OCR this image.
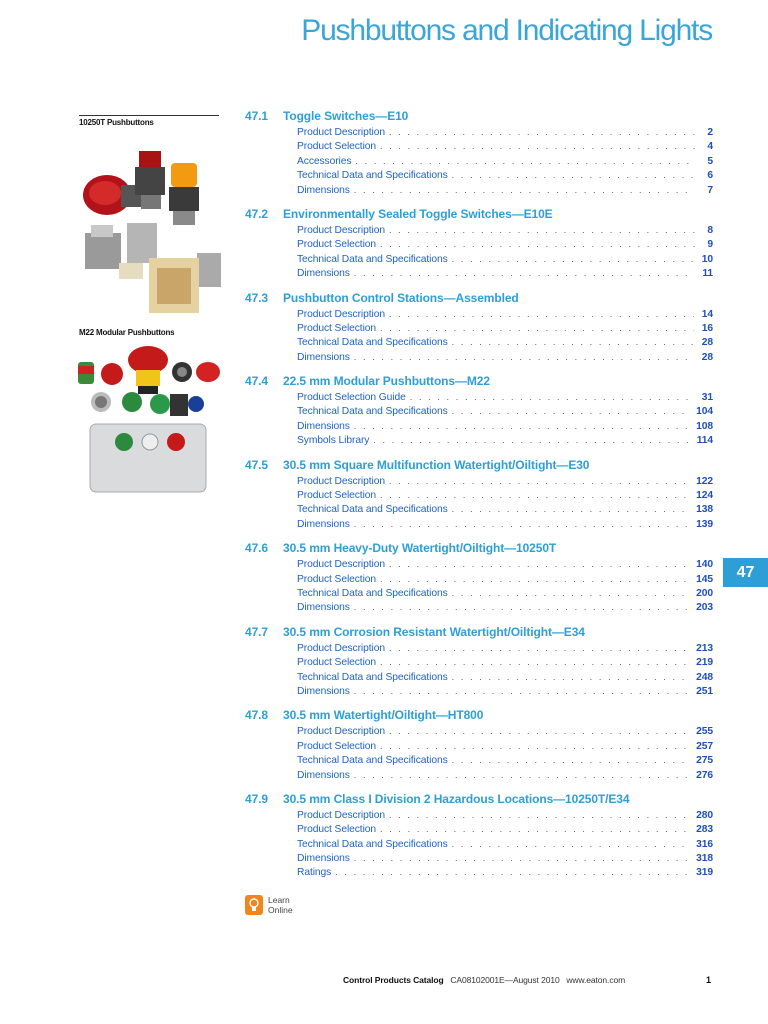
Pushbuttons and Indicating Lights
10250T Pushbuttons
M22 Modular Pushbuttons
47.1	Toggle Switches—E10
Product Description . . .	2
Product Selection . . .	4
Accessories . . .	5
Technical Data and Specifications . . .	6
Dimensions . . .	7
47.2	Environmentally Sealed Toggle Switches—E10E
Product Description . . .	8
Product Selection . . .	9
Technical Data and Specifications . . .	10
Dimensions . . .	11
47.3	Pushbutton Control Stations—Assembled
Product Description . . .	14
Product Selection . . .	16
Technical Data and Specifications . . .	28
Dimensions . . .	28
47.4	22.5 mm Modular Pushbuttons—M22
Product Selection Guide . . .	31
Technical Data and Specifications . . .	104
Dimensions . . .	108
Symbols Library . . .	114
47.5	30.5 mm Square Multifunction Watertight/Oiltight—E30
Product Description . . .	122
Product Selection . . .	124
Technical Data and Specifications . . .	138
Dimensions . . .	139
47.6	30.5 mm Heavy-Duty Watertight/Oiltight—10250T
Product Description . . .	140
Product Selection . . .	145
Technical Data and Specifications . . .	200
Dimensions . . .	203
47.7	30.5 mm Corrosion Resistant Watertight/Oiltight—E34
Product Description . . .	213
Product Selection . . .	219
Technical Data and Specifications . . .	248
Dimensions . . .	251
47.8	30.5 mm Watertight/Oiltight—HT800
Product Description . . .	255
Product Selection . . .	257
Technical Data and Specifications . . .	275
Dimensions . . .	276
47.9	30.5 mm Class I Division 2 Hazardous Locations—10250T/E34
Product Description . . .	280
Product Selection . . .	283
Technical Data and Specifications . . .	316
Dimensions . . .	318
Ratings . . .	319
47
Learn
Online
Control Products Catalog CA08102001E—August 2010 www.eaton.com	1
